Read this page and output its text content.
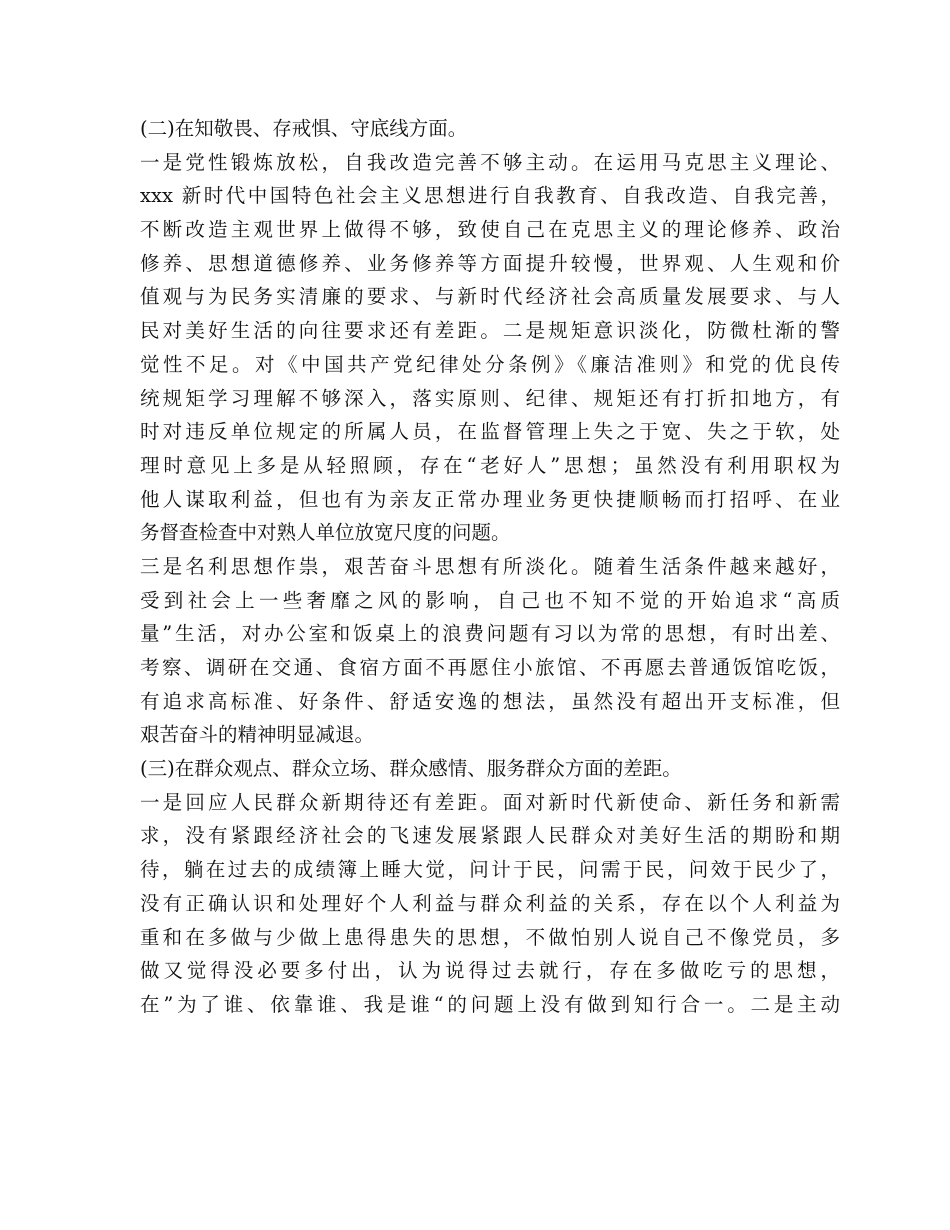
(二)在知敬畏、存戒惧、守底线方面。
一是党性锻炼放松，自我改造完善不够主动。在运用马克思主义理论、
xxx 新时代中国特色社会主义思想进行自我教育、自我改造、自我完善，
不断改造主观世界上做得不够，致使自己在克思主义的理论修养、政治
修养、思想道德修养、业务修养等方面提升较慢，世界观、人生观和价
值观与为民务实清廉的要求、与新时代经济社会高质量发展要求、与人
民对美好生活的向往要求还有差距。二是规矩意识淡化，防微杜渐的警
觉性不足。对《中国共产党纪律处分条例》《廉洁准则》和党的优良传
统规矩学习理解不够深入，落实原则、纪律、规矩还有打折扣地方，有
时对违反单位规定的所属人员，在监督管理上失之于宽、失之于软，处
理时意见上多是从轻照顾，存在“老好人”思想；虽然没有利用职权为
他人谋取利益，但也有为亲友正常办理业务更快捷顺畅而打招呼、在业
务督查检查中对熟人单位放宽尺度的问题。
三是名利思想作祟，艰苦奋斗思想有所淡化。随着生活条件越来越好，
受到社会上一些奢靡之风的影响，自己也不知不觉的开始追求“高质
量”生活，对办公室和饭桌上的浪费问题有习以为常的思想，有时出差、
考察、调研在交通、食宿方面不再愿住小旅馆、不再愿去普通饭馆吃饭，
有追求高标准、好条件、舒适安逸的想法，虽然没有超出开支标准，但
艰苦奋斗的精神明显减退。
(三)在群众观点、群众立场、群众感情、服务群众方面的差距。
一是回应人民群众新期待还有差距。面对新时代新使命、新任务和新需
求，没有紧跟经济社会的飞速发展紧跟人民群众对美好生活的期盼和期
待，躺在过去的成绩簿上睡大觉，问计于民，问需于民，问效于民少了，
没有正确认识和处理好个人利益与群众利益的关系，存在以个人利益为
重和在多做与少做上患得患失的思想，不做怕别人说自己不像党员，多
做又觉得没必要多付出，认为说得过去就行，存在多做吃亏的思想，
在”为了谁、依靠谁、我是谁“的问题上没有做到知行合一。二是主动
